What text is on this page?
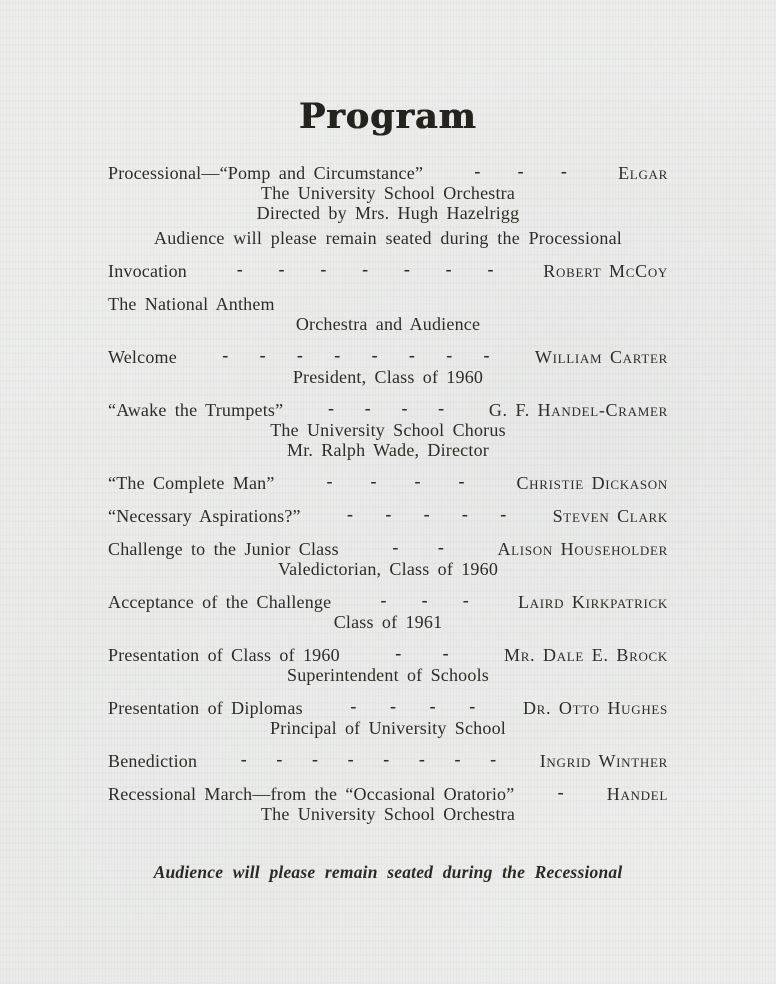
Program
Processional—“Pomp and Circumstance”	- - -	Elgar
The University School Orchestra
Directed by Mrs. Hugh Hazelrigg
Audience will please remain seated during the Processional
Invocation	- - - - - - -	Robert McCoy
The National Anthem
Orchestra and Audience
Welcome	- - - - - - - -	William Carter
President, Class of 1960
“Awake the Trumpets” - - - - G. F. Handel-Cramer
The University School Chorus
Mr. Ralph Wade, Director
“The Complete Man”	- - - -	Christie Dickason
“Necessary Aspirations?”	- - - - -	Steven Clark
Challenge to the Junior Class	- -	Alison Householder
Valedictorian, Class of 1960
Acceptance of the Challenge	- - -	Laird Kirkpatrick
Class of 1961
Presentation of Class of 1960	- -	Mr. Dale E. Brock
Superintendent of Schools
Presentation of Diplomas	- - - -	Dr. Otto Hughes
Principal of University School
Benediction - - - - - - - - Ingrid Winther
Recessional March—from the “Occasional Oratorio” - Handel
The University School Orchestra
Audience will please remain seated during the Recessional
